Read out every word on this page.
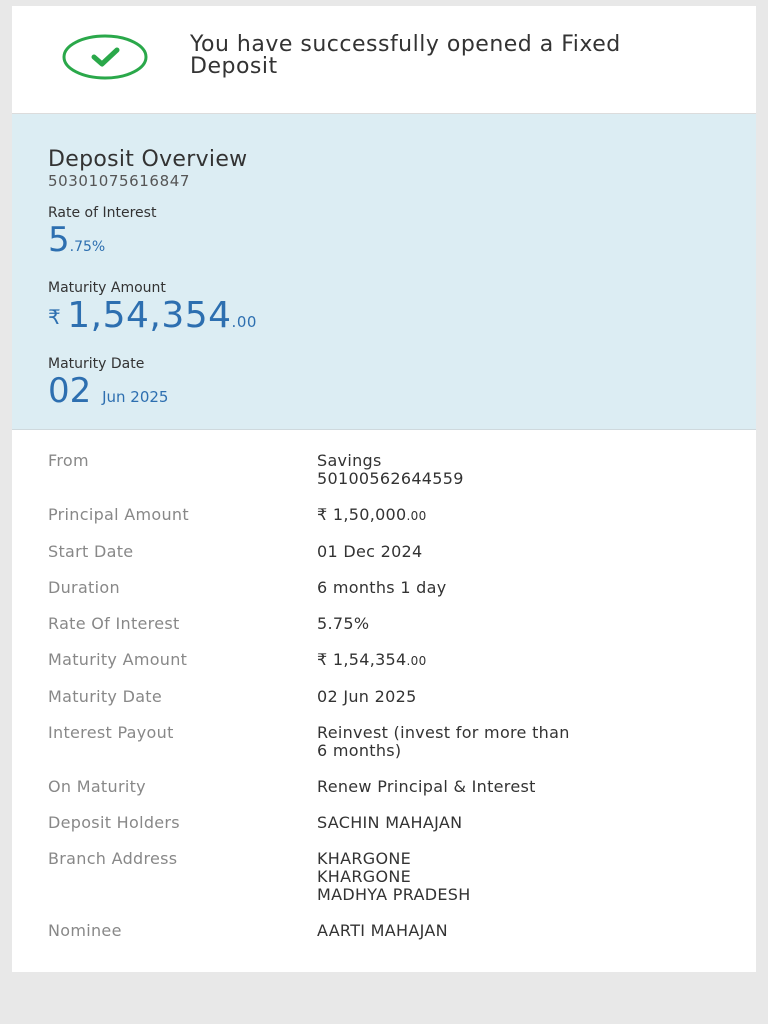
You have successfully opened a Fixed Deposit
Deposit Overview
50301075616847
Rate of Interest
5.75%
Maturity Amount
₹ 1,54,354.00
Maturity Date
02 Jun 2025
From	Savings
50100562644559
Principal Amount	₹ 1,50,000.00
Start Date	01 Dec 2024
Duration	6 months 1 day
Rate Of Interest	5.75%
Maturity Amount	₹ 1,54,354.00
Maturity Date	02 Jun 2025
Interest Payout	Reinvest (invest for more than
6 months)
On Maturity	Renew Principal & Interest
Deposit Holders	SACHIN MAHAJAN
Branch Address	KHARGONE
KHARGONE
MADHYA PRADESH
Nominee	AARTI MAHAJAN
